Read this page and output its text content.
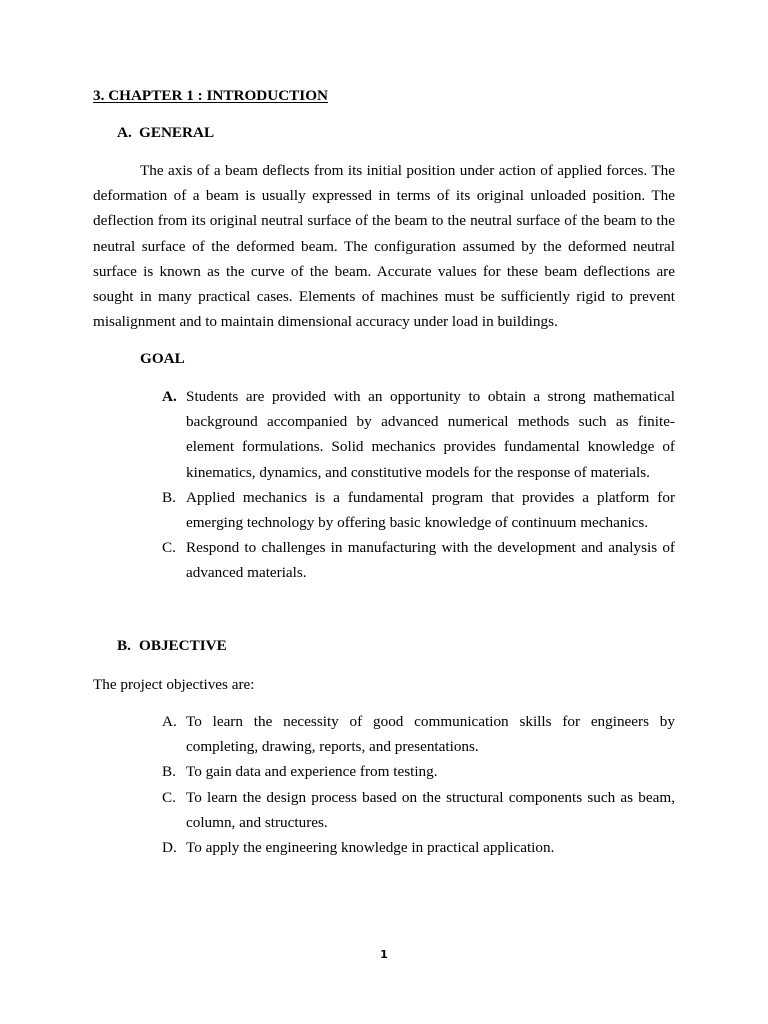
3. CHAPTER 1 : INTRODUCTION
A. GENERAL

The axis of a beam deflects from its initial position under action of applied forces. The deformation of a beam is usually expressed in terms of its original unloaded position. The deflection from its original neutral surface of the beam to the neutral surface of the beam to the neutral surface of the deformed beam. The configuration assumed by the deformed neutral surface is known as the curve of the beam. Accurate values for these beam deflections are sought in many practical cases. Elements of machines must be sufficiently rigid to prevent misalignment and to maintain dimensional accuracy under load in buildings.

GOAL
A. Students are provided with an opportunity to obtain a strong mathematical background accompanied by advanced numerical methods such as finite-element formulations. Solid mechanics provides fundamental knowledge of kinematics, dynamics, and constitutive models for the response of materials.
B. Applied mechanics is a fundamental program that provides a platform for emerging technology by offering basic knowledge of continuum mechanics.
C. Respond to challenges in manufacturing with the development and analysis of advanced materials.
B. OBJECTIVE

The project objectives are:

A. To learn the necessity of good communication skills for engineers by completing, drawing, reports, and presentations.
B. To gain data and experience from testing.
C. To learn the design process based on the structural components such as beam, column, and structures.
D. To apply the engineering knowledge in practical application.
1
